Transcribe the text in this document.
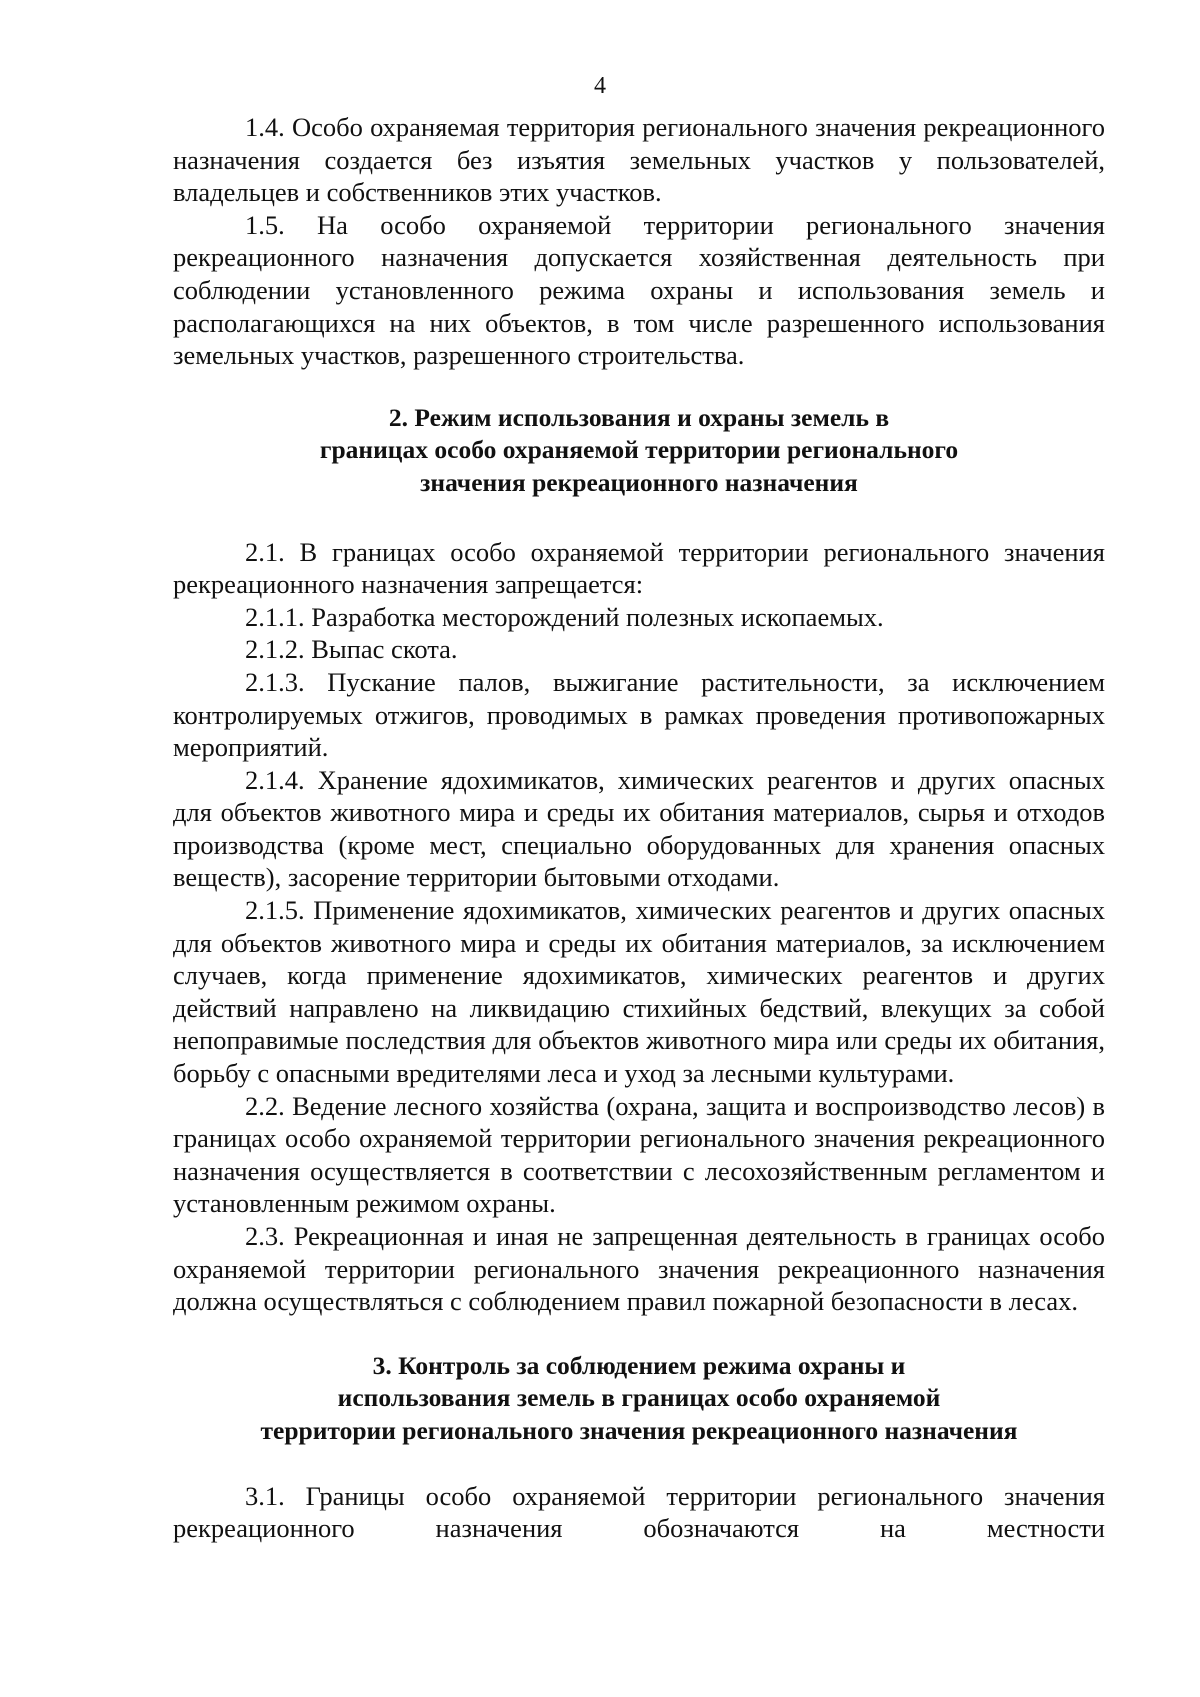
4

1.4. Особо охраняемая территория регионального значения рекреационного назначения создается без изъятия земельных участков у пользователей, владельцев и собственников этих участков.

1.5. На особо охраняемой территории регионального значения рекреационного назначения допускается хозяйственная деятельность при соблюдении установленного режима охраны и использования земель и располагающихся на них объектов, в том числе разрешенного использования земельных участков, разрешенного строительства.

2. Режим использования и охраны земель в
границах особо охраняемой территории регионального
значения рекреационного назначения

2.1. В границах особо охраняемой территории регионального значения рекреационного назначения запрещается:

2.1.1. Разработка месторождений полезных ископаемых.

2.1.2. Выпас скота.

2.1.3. Пускание палов, выжигание растительности, за исключением контролируемых отжигов, проводимых в рамках проведения противопожарных мероприятий.

2.1.4. Хранение ядохимикатов, химических реагентов и других опасных для объектов животного мира и среды их обитания материалов, сырья и отходов производства (кроме мест, специально оборудованных для хранения опасных веществ), засорение территории бытовыми отходами.

2.1.5. Применение ядохимикатов, химических реагентов и других опасных для объектов животного мира и среды их обитания материалов, за исключением случаев, когда применение ядохимикатов, химических реагентов и других действий направлено на ликвидацию стихийных бедствий, влекущих за собой непоправимые последствия для объектов животного мира или среды их обитания, борьбу с опасными вредителями леса и уход за лесными культурами.

2.2. Ведение лесного хозяйства (охрана, защита и воспроизводство лесов) в границах особо охраняемой территории регионального значения рекреационного назначения осуществляется в соответствии с лесохозяйственным регламентом и установленным режимом охраны.

2.3. Рекреационная и иная не запрещенная деятельность в границах особо охраняемой территории регионального значения рекреационного назначения должна осуществляться с соблюдением правил пожарной безопасности в лесах.

3. Контроль за соблюдением режима охраны и
использования земель в границах особо охраняемой
территории регионального значения рекреационного назначения

3.1. Границы особо охраняемой территории регионального значения рекреационного назначения обозначаются на местности
